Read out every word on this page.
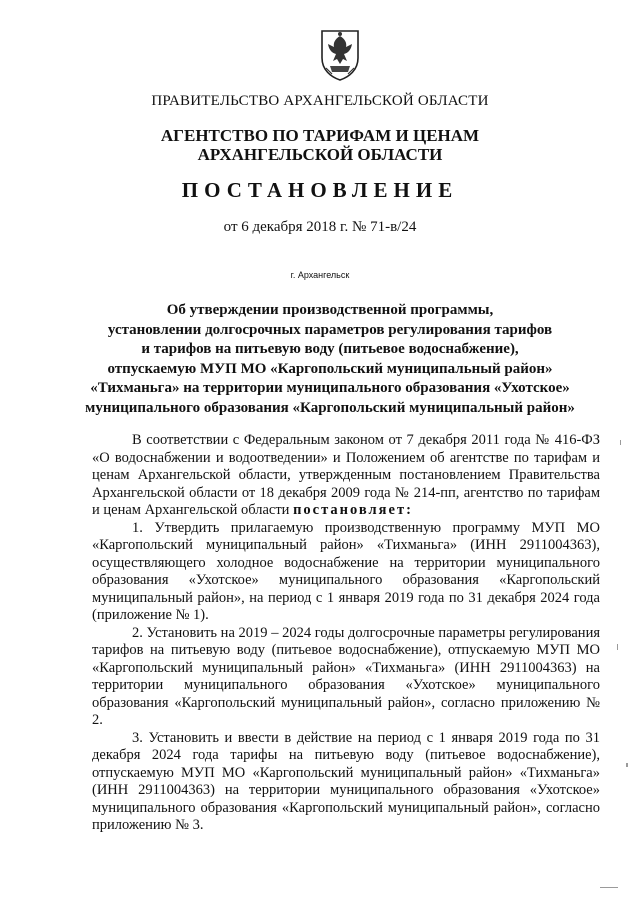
ПРАВИТЕЛЬСТВО АРХАНГЕЛЬСКОЙ ОБЛАСТИ
АГЕНТСТВО ПО ТАРИФАМ И ЦЕНАМ
АРХАНГЕЛЬСКОЙ ОБЛАСТИ
ПОСТАНОВЛЕНИЕ
от 6 декабря 2018 г. № 71-в/24
г. Архангельск
Об утверждении производственной программы,
установлении долгосрочных параметров регулирования тарифов
и тарифов на питьевую воду (питьевое водоснабжение),
отпускаемую МУП МО «Каргопольский муниципальный район»
«Тихманьга» на территории муниципального образования «Ухотское»
муниципального образования «Каргопольский муниципальный район»

В соответствии с Федеральным законом от 7 декабря 2011 года № 416-ФЗ «О водоснабжении и водоотведении» и Положением об агентстве по тарифам и ценам Архангельской области, утвержденным постановлением Правительства Архангельской области от 18 декабря 2009 года № 214-пп, агентство по тарифам и ценам Архангельской области постановляет:

1. Утвердить прилагаемую производственную программу МУП МО «Каргопольский муниципальный район» «Тихманьга» (ИНН 2911004363), осуществляющего холодное водоснабжение на территории муниципального образования «Ухотское» муниципального образования «Каргопольский муниципальный район», на период с 1 января 2019 года по 31 декабря 2024 года (приложение № 1).

2. Установить на 2019 – 2024 годы долгосрочные параметры регулирования тарифов на питьевую воду (питьевое водоснабжение), отпускаемую МУП МО «Каргопольский муниципальный район» «Тихманьга» (ИНН 2911004363) на территории муниципального образования «Ухотское» муниципального образования «Каргопольский муниципальный район», согласно приложению № 2.

3. Установить и ввести в действие на период с 1 января 2019 года по 31 декабря 2024 года тарифы на питьевую воду (питьевое водоснабжение), отпускаемую МУП МО «Каргопольский муниципальный район» «Тихманьга» (ИНН 2911004363) на территории муниципального образования «Ухотское» муниципального образования «Каргопольский муниципальный район», согласно приложению № 3.
